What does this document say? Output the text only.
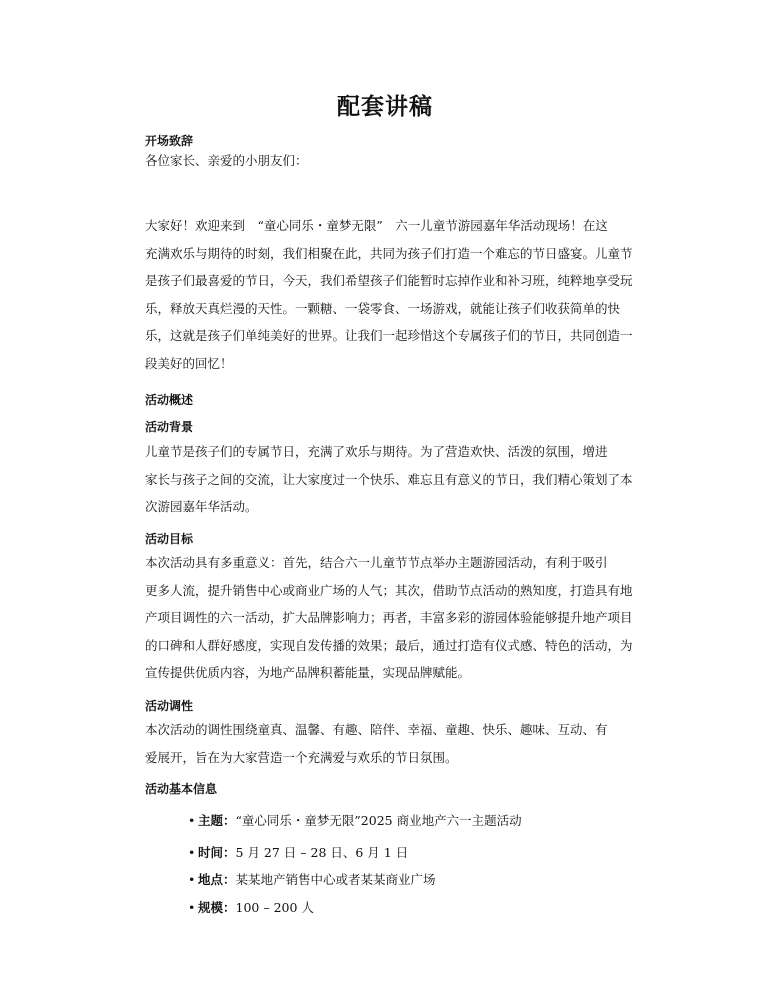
配套讲稿
开场致辞
各位家长、亲爱的小朋友们：
大家好！欢迎来到　“童心同乐・童梦无限”　六一儿童节游园嘉年华活动现场！在这
充满欢乐与期待的时刻，我们相聚在此，共同为孩子们打造一个难忘的节日盛宴。儿童节
是孩子们最喜爱的节日，今天，我们希望孩子们能暂时忘掉作业和补习班，纯粹地享受玩
乐，释放天真烂漫的天性。一颗糖、一袋零食、一场游戏，就能让孩子们收获简单的快
乐，这就是孩子们单纯美好的世界。让我们一起珍惜这个专属孩子们的节日，共同创造一
段美好的回忆！
活动概述
活动背景
儿童节是孩子们的专属节日，充满了欢乐与期待。为了营造欢快、活泼的氛围，增进
家长与孩子之间的交流，让大家度过一个快乐、难忘且有意义的节日，我们精心策划了本
次游园嘉年华活动。
活动目标
本次活动具有多重意义：首先，结合六一儿童节节点举办主题游园活动，有利于吸引
更多人流，提升销售中心或商业广场的人气；其次，借助节点活动的熟知度，打造具有地
产项目调性的六一活动，扩大品牌影响力；再者，丰富多彩的游园体验能够提升地产项目
的口碑和人群好感度，实现自发传播的效果；最后，通过打造有仪式感、特色的活动，为
宣传提供优质内容，为地产品牌积蓄能量，实现品牌赋能。
活动调性
本次活动的调性围绕童真、温馨、有趣、陪伴、幸福、童趣、快乐、趣味、互动、有
爱展开，旨在为大家营造一个充满爱与欢乐的节日氛围。
活动基本信息
• 主题：“童心同乐・童梦无限”2025 商业地产六一主题活动
• 时间：5 月 27 日 – 28 日、6 月 1 日
• 地点：某某地产销售中心或者某某商业广场
• 规模：100 – 200 人
